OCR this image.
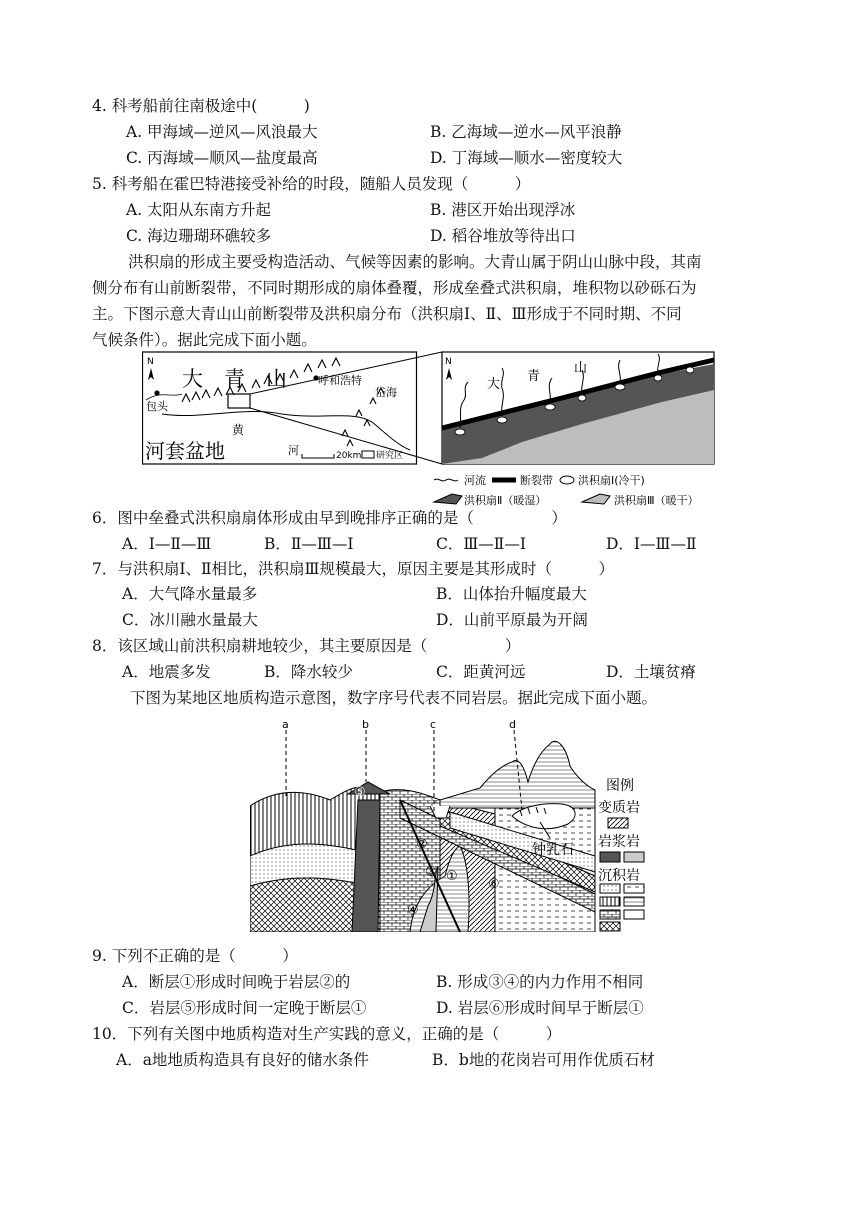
4. 科考船前往南极途中(　　　)
A. 甲海域—逆风—风浪最大	B. 乙海域—逆水—风平浪静
C. 丙海域—顺风—盐度最高	D. 丁海域—顺水—密度较大
5. 科考船在霍巴特港接受补给的时段，随船人员发现（　　　）
A. 太阳从东南方升起	B. 港区开始出现浮冰
C. 海边珊瑚环礁较多	D. 稻谷堆放等待出口
洪积扇的形成主要受构造活动、气候等因素的影响。大青山属于阴山山脉中段，其南
侧分布有山前断裂带，不同时期形成的扇体叠覆，形成垒叠式洪积扇，堆积物以砂砾石为
主。下图示意大青山山前断裂带及洪积扇分布（洪积扇Ⅰ、Ⅱ、Ⅲ形成于不同时期、不同
气候条件）。据此完成下面小题。
N
大　青　山	呼和浩特
包头
岱海
黄
河
河套盆地	20km 研究区
N
大
青
山
河流	断裂带 洪积扇Ⅰ(冷干)
洪积扇Ⅱ（暖湿）	洪积扇Ⅲ（暖干）
6．图中垒叠式洪积扇扇体形成由早到晚排序正确的是（　　　　　）
A．Ⅰ—Ⅱ—Ⅲ	B．Ⅱ—Ⅲ—Ⅰ	C．Ⅲ—Ⅱ—Ⅰ	D．Ⅰ—Ⅲ—Ⅱ
7．与洪积扇Ⅰ、Ⅱ相比，洪积扇Ⅲ规模最大，原因主要是其形成时（　　　）
A．大气降水量最多	B．山体抬升幅度最大
C．冰川融水量最大	D．山前平原最为开阔
8．该区域山前洪积扇耕地较少，其主要原因是（　　　　　）
A．地震多发	B．降水较少	C．距黄河远	D．土壤贫瘠
下图为某地区地质构造示意图，数字序号代表不同岩层。据此完成下面小题。
a	b	c	d
①
②
③
④
⑤
⑥
钟乳石
图例
变质岩
岩浆岩
沉积岩
9. 下列不正确的是（　　　）
A．断层①形成时间晚于岩层②的	B. 形成③④的内力作用不相同
C．岩层⑤形成时间一定晚于断层①	D. 岩层⑥形成时间早于断层①
10．下列有关图中地质构造对生产实践的意义，正确的是（　　　）
A．a地地质构造具有良好的储水条件	B．b地的花岗岩可用作优质石材
